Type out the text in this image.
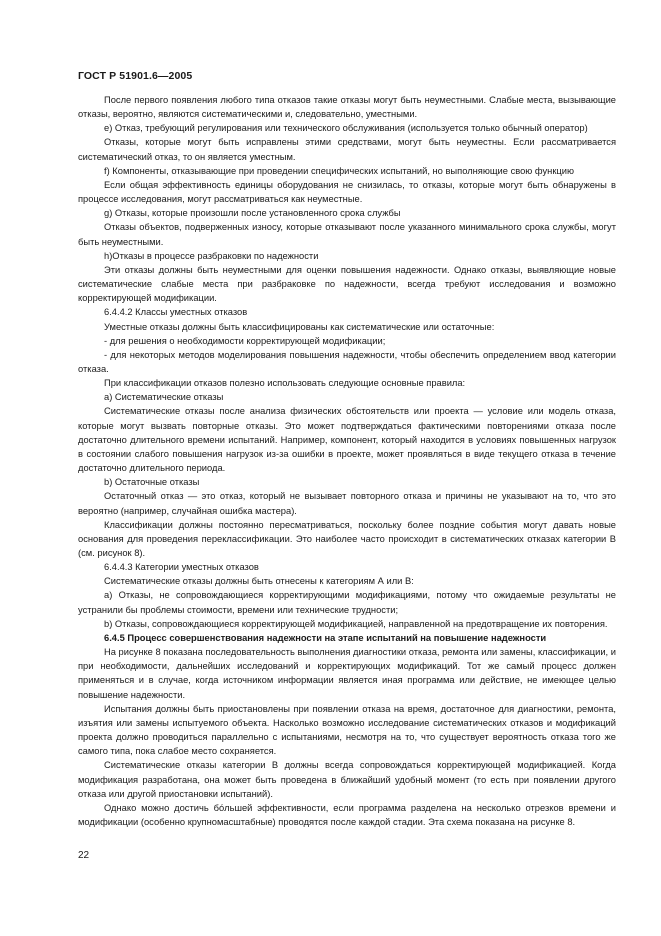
ГОСТ Р 51901.6—2005

После первого появления любого типа отказов такие отказы могут быть неуместными. Слабые места, вызывающие отказы, вероятно, являются систематическими и, следовательно, уместными.

е) Отказ, требующий регулирования или технического обслуживания (используется только обычный оператор)

Отказы, которые могут быть исправлены этими средствами, могут быть неуместны. Если рассматривается систематический отказ, то он является уместным.

f) Компоненты, отказывающие при проведении специфических испытаний, но выполняющие свою функцию

Если общая эффективность единицы оборудования не снизилась, то отказы, которые могут быть обнаружены в процессе исследования, могут рассматриваться как неуместные.

g) Отказы, которые произошли после установленного срока службы

Отказы объектов, подверженных износу, которые отказывают после указанного минимального срока службы, могут быть неуместными.

h)Отказы в процессе разбраковки по надежности

Эти отказы должны быть неуместными для оценки повышения надежности. Однако отказы, выявляющие новые систематические слабые места при разбраковке по надежности, всегда требуют исследования и возможно корректирующей модификации.

6.4.4.2 Классы уместных отказов

Уместные отказы должны быть классифицированы как систематические или остаточные:

- для решения о необходимости корректирующей модификации;

- для некоторых методов моделирования повышения надежности, чтобы обеспечить определением ввод категории отказа.

При классификации отказов полезно использовать следующие основные правила:

а) Систематические отказы

Систематические отказы после анализа физических обстоятельств или проекта — условие или модель отказа, которые могут вызвать повторные отказы. Это может подтверждаться фактическими повторениями отказа после достаточно длительного времени испытаний. Например, компонент, который находится в условиях повышенных нагрузок в состоянии слабого повышения нагрузок из-за ошибки в проекте, может проявляться в виде текущего отказа в течение достаточно длительного периода.

b) Остаточные отказы

Остаточный отказ — это отказ, который не вызывает повторного отказа и причины не указывают на то, что это вероятно (например, случайная ошибка мастера).

Классификации должны постоянно пересматриваться, поскольку более поздние события могут давать новые основания для проведения переклассификации. Это наиболее часто происходит в систематических отказах категории В (см. рисунок 8).

6.4.4.3 Категории уместных отказов

Систематические отказы должны быть отнесены к категориям А или В:

а) Отказы, не сопровождающиеся корректирующими модификациями, потому что ожидаемые результаты не устранили бы проблемы стоимости, времени или технические трудности;

b) Отказы, сопровождающиеся корректирующей модификацией, направленной на предотвращение их повторения.

6.4.5 Процесс совершенствования надежности на этапе испытаний на повышение надежности

На рисунке 8 показана последовательность выполнения диагностики отказа, ремонта или замены, классификации, и при необходимости, дальнейших исследований и корректирующих модификаций. Тот же самый процесс должен применяться и в случае, когда источником информации является иная программа или действие, не имеющее целью повышение надежности.

Испытания должны быть приостановлены при появлении отказа на время, достаточное для диагностики, ремонта, изъятия или замены испытуемого объекта. Насколько возможно исследование систематических отказов и модификаций проекта должно проводиться параллельно с испытаниями, несмотря на то, что существует вероятность отказа того же самого типа, пока слабое место сохраняется.

Систематические отказы категории В должны всегда сопровождаться корректирующей модификацией. Когда модификация разработана, она может быть проведена в ближайший удобный момент (то есть при появлении другого отказа или другой приостановки испытаний).

Однако можно достичь бо́льшей эффективности, если программа разделена на несколько отрезков времени и модификации (особенно крупномасштабные) проводятся после каждой стадии. Эта схема показана на рисунке 8.

22
